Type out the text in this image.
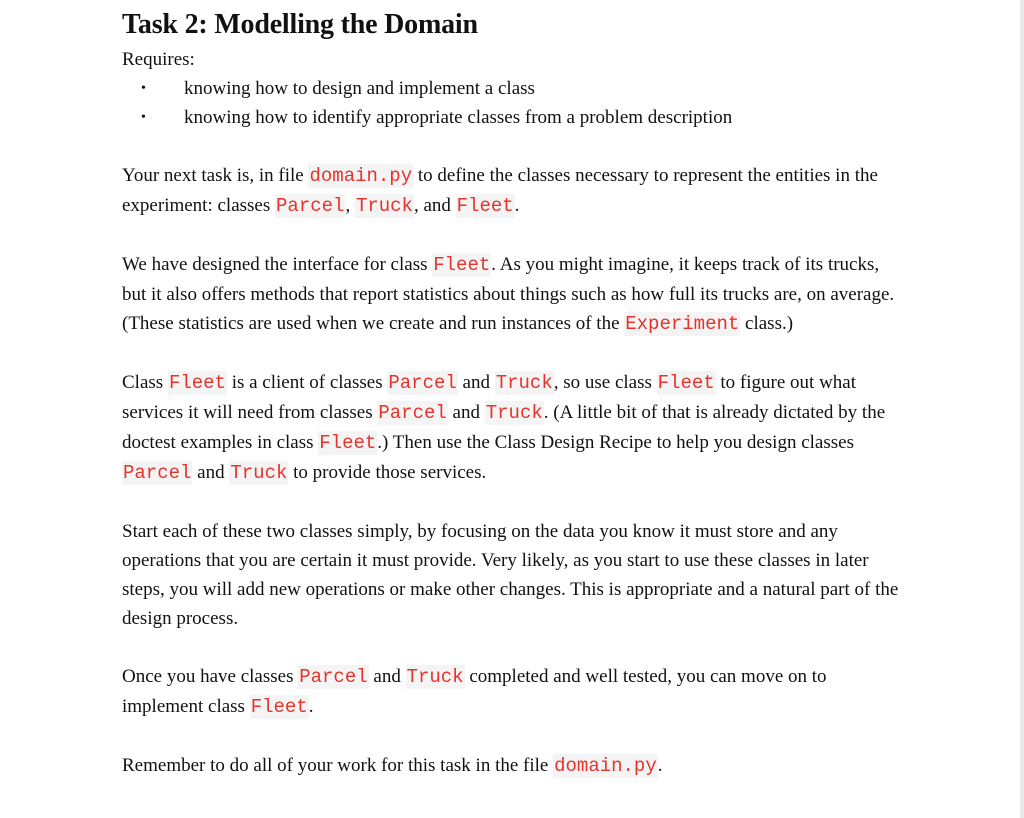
Task 2: Modelling the Domain
Requires:
• knowing how to design and implement a class
• knowing how to identify appropriate classes from a problem description

Your next task is, in file domain.py to define the classes necessary to represent the entities in the experiment: classes Parcel, Truck, and Fleet.

We have designed the interface for class Fleet. As you might imagine, it keeps track of its trucks, but it also offers methods that report statistics about things such as how full its trucks are, on average. (These statistics are used when we create and run instances of the Experiment class.)

Class Fleet is a client of classes Parcel and Truck, so use class Fleet to figure out what services it will need from classes Parcel and Truck. (A little bit of that is already dictated by the doctest examples in class Fleet.) Then use the Class Design Recipe to help you design classes Parcel and Truck to provide those services.

Start each of these two classes simply, by focusing on the data you know it must store and any operations that you are certain it must provide. Very likely, as you start to use these classes in later steps, you will add new operations or make other changes. This is appropriate and a natural part of the design process.

Once you have classes Parcel and Truck completed and well tested, you can move on to implement class Fleet.

Remember to do all of your work for this task in the file domain.py.
